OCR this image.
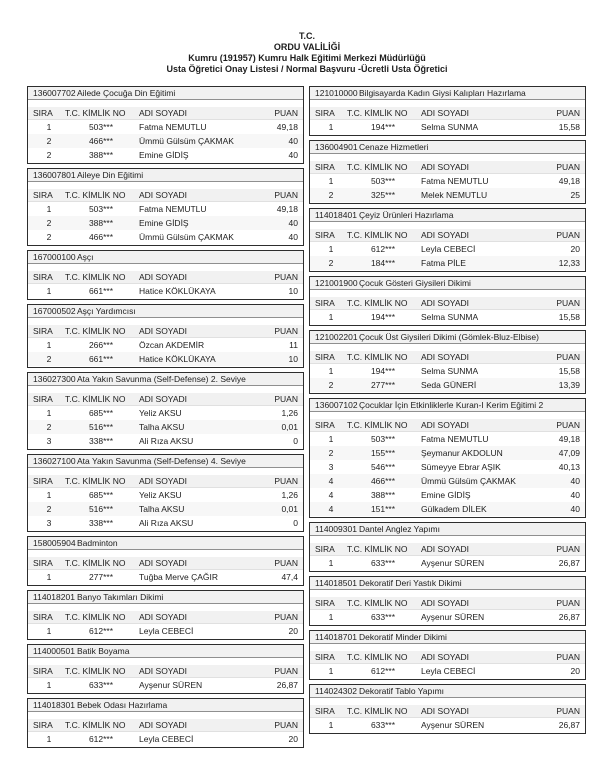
T.C.
ORDU VALİLİĞİ
Kumru (191957) Kumru Halk Eğitimi Merkezi Müdürlüğü
Usta Öğretici Onay Listesi / Normal Başvuru -Ücretli Usta Öğretici
136007702 Ailede Çocuğa Din Eğitimi
SIRA	T.C. KİMLİK NO	ADI SOYADI	PUAN
1	503***	Fatma NEMUTLU	49,18
2	466***	Ümmü Gülsüm ÇAKMAK	40
2	388***	Emine GİDİŞ	40
136007801 Aileye Din Eğitimi
SIRA	T.C. KİMLİK NO	ADI SOYADI	PUAN
1	503***	Fatma NEMUTLU	49,18
2	388***	Emine GİDİŞ	40
2	466***	Ümmü Gülsüm ÇAKMAK	40
167000100 Aşçı
SIRA	T.C. KİMLİK NO	ADI SOYADI	PUAN
1	661***	Hatice KÖKLÜKAYA	10
167000502 Aşçı Yardımcısı
SIRA	T.C. KİMLİK NO	ADI SOYADI	PUAN
1	266***	Özcan AKDEMİR	11
2	661***	Hatice KÖKLÜKAYA	10
136027300 Ata Yakın Savunma (Self-Defense) 2. Seviye
SIRA	T.C. KİMLİK NO	ADI SOYADI	PUAN
1	685***	Yeliz AKSU	1,26
2	516***	Talha AKSU	0,01
3	338***	Ali Rıza AKSU	0
136027100 Ata Yakın Savunma (Self-Defense) 4. Seviye
SIRA	T.C. KİMLİK NO	ADI SOYADI	PUAN
1	685***	Yeliz AKSU	1,26
2	516***	Talha AKSU	0,01
3	338***	Ali Rıza AKSU	0
158005904 Badminton
SIRA	T.C. KİMLİK NO	ADI SOYADI	PUAN
1	277***	Tuğba Merve ÇAĞIR	47,4
114018201 Banyo Takımları Dikimi
SIRA	T.C. KİMLİK NO	ADI SOYADI	PUAN
1	612***	Leyla CEBECİ	20
114000501 Batik Boyama
SIRA	T.C. KİMLİK NO	ADI SOYADI	PUAN
1	633***	Ayşenur SÜREN	26,87
114018301 Bebek Odası Hazırlama
SIRA	T.C. KİMLİK NO	ADI SOYADI	PUAN
1	612***	Leyla CEBECİ	20
121010000 Bilgisayarda Kadın Giysi Kalıpları Hazırlama
SIRA	T.C. KİMLİK NO	ADI SOYADI	PUAN
1	194***	Selma SUNMA	15,58
136004901 Cenaze Hizmetleri
SIRA	T.C. KİMLİK NO	ADI SOYADI	PUAN
1	503***	Fatma NEMUTLU	49,18
2	325***	Melek NEMUTLU	25
114018401 Çeyiz Ürünleri Hazırlama
SIRA	T.C. KİMLİK NO	ADI SOYADI	PUAN
1	612***	Leyla CEBECİ	20
2	184***	Fatma PİLE	12,33
121001900 Çocuk Gösteri Giysileri Dikimi
SIRA	T.C. KİMLİK NO	ADI SOYADI	PUAN
1	194***	Selma SUNMA	15,58
121002201 Çocuk Üst Giysileri Dikimi (Gömlek-Bluz-Elbise)
SIRA	T.C. KİMLİK NO	ADI SOYADI	PUAN
1	194***	Selma SUNMA	15,58
2	277***	Seda GÜNERİ	13,39
136007102 Çocuklar İçin Etkinliklerle Kuran-I Kerim Eğitimi 2
SIRA	T.C. KİMLİK NO	ADI SOYADI	PUAN
1	503***	Fatma NEMUTLU	49,18
2	155***	Şeymanur AKDOLUN	47,09
3	546***	Sümeyye Ebrar AŞIK	40,13
4	466***	Ümmü Gülsüm ÇAKMAK	40
4	388***	Emine GİDİŞ	40
4	151***	Gülkadem DİLEK	40
114009301 Dantel Anglez Yapımı
SIRA	T.C. KİMLİK NO	ADI SOYADI	PUAN
1	633***	Ayşenur SÜREN	26,87
114018501 Dekoratif Deri Yastık Dikimi
SIRA	T.C. KİMLİK NO	ADI SOYADI	PUAN
1	633***	Ayşenur SÜREN	26,87
114018701 Dekoratif Minder Dikimi
SIRA	T.C. KİMLİK NO	ADI SOYADI	PUAN
1	612***	Leyla CEBECİ	20
114024302 Dekoratif Tablo Yapımı
SIRA	T.C. KİMLİK NO	ADI SOYADI	PUAN
1	633***	Ayşenur SÜREN	26,87
